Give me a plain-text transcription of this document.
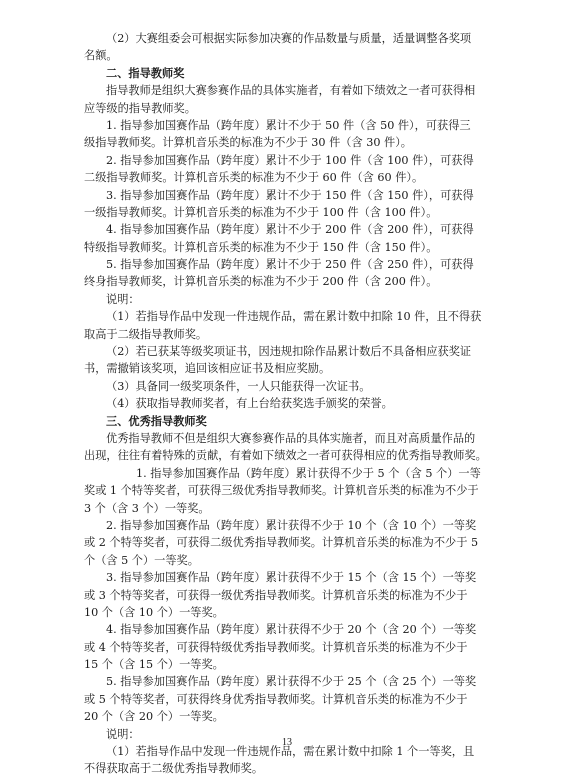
（2）大赛组委会可根据实际参加决赛的作品数量与质量，适量调整各奖项
名额。
二、指导教师奖
指导教师是组织大赛参赛作品的具体实施者，有着如下绩效之一者可获得相
应等级的指导教师奖。
1. 指导参加国赛作品（跨年度）累计不少于 50 件（含 50 件），可获得三
级指导教师奖。计算机音乐类的标准为不少于 30 件（含 30 件）。
2. 指导参加国赛作品（跨年度）累计不少于 100 件（含 100 件），可获得
二级指导教师奖。计算机音乐类的标准为不少于 60 件（含 60 件）。
3. 指导参加国赛作品（跨年度）累计不少于 150 件（含 150 件），可获得
一级指导教师奖。计算机音乐类的标准为不少于 100 件（含 100 件）。
4. 指导参加国赛作品（跨年度）累计不少于 200 件（含 200 件），可获得
特级指导教师奖。计算机音乐类的标准为不少于 150 件（含 150 件）。
5. 指导参加国赛作品（跨年度）累计不少于 250 件（含 250 件），可获得
终身指导教师奖，计算机音乐类的标准为不少于 200 件（含 200 件）。
说明：
（1）若指导作品中发现一件违规作品，需在累计数中扣除 10 件，且不得获
取高于二级指导教师奖。
（2）若已获某等级奖项证书，因违规扣除作品累计数后不具备相应获奖证
书，需撤销该奖项，追回该相应证书及相应奖励。
（3）具备同一级奖项条件，一人只能获得一次证书。
（4）获取指导教师奖者，有上台给获奖选手颁奖的荣誉。
三、优秀指导教师奖
优秀指导教师不但是组织大赛参赛作品的具体实施者，而且对高质量作品的
出现，往往有着特殊的贡献，有着如下绩效之一者可获得相应的优秀指导教师奖。
1. 指导参加国赛作品（跨年度）累计获得不少于 5 个（含 5 个）一等
奖或 1 个特等奖者，可获得三级优秀指导教师奖。计算机音乐类的标准为不少于
3 个（含 3 个）一等奖。
2. 指导参加国赛作品（跨年度）累计获得不少于 10 个（含 10 个）一等奖
或 2 个特等奖者，可获得二级优秀指导教师奖。计算机音乐类的标准为不少于 5
个（含 5 个）一等奖。
3. 指导参加国赛作品（跨年度）累计获得不少于 15 个（含 15 个）一等奖
或 3 个特等奖者，可获得一级优秀指导教师奖。计算机音乐类的标准为不少于
10 个（含 10 个）一等奖。
4. 指导参加国赛作品（跨年度）累计获得不少于 20 个（含 20 个）一等奖
或 4 个特等奖者，可获得特级优秀指导教师奖。计算机音乐类的标准为不少于
15 个（含 15 个）一等奖。
5. 指导参加国赛作品（跨年度）累计获得不少于 25 个（含 25 个）一等奖
或 5 个特等奖者，可获得终身优秀指导教师奖。计算机音乐类的标准为不少于
20 个（含 20 个）一等奖。
说明：
（1）若指导作品中发现一件违规作品，需在累计数中扣除 1 个一等奖，且
不得获取高于二级优秀指导教师奖。
13
